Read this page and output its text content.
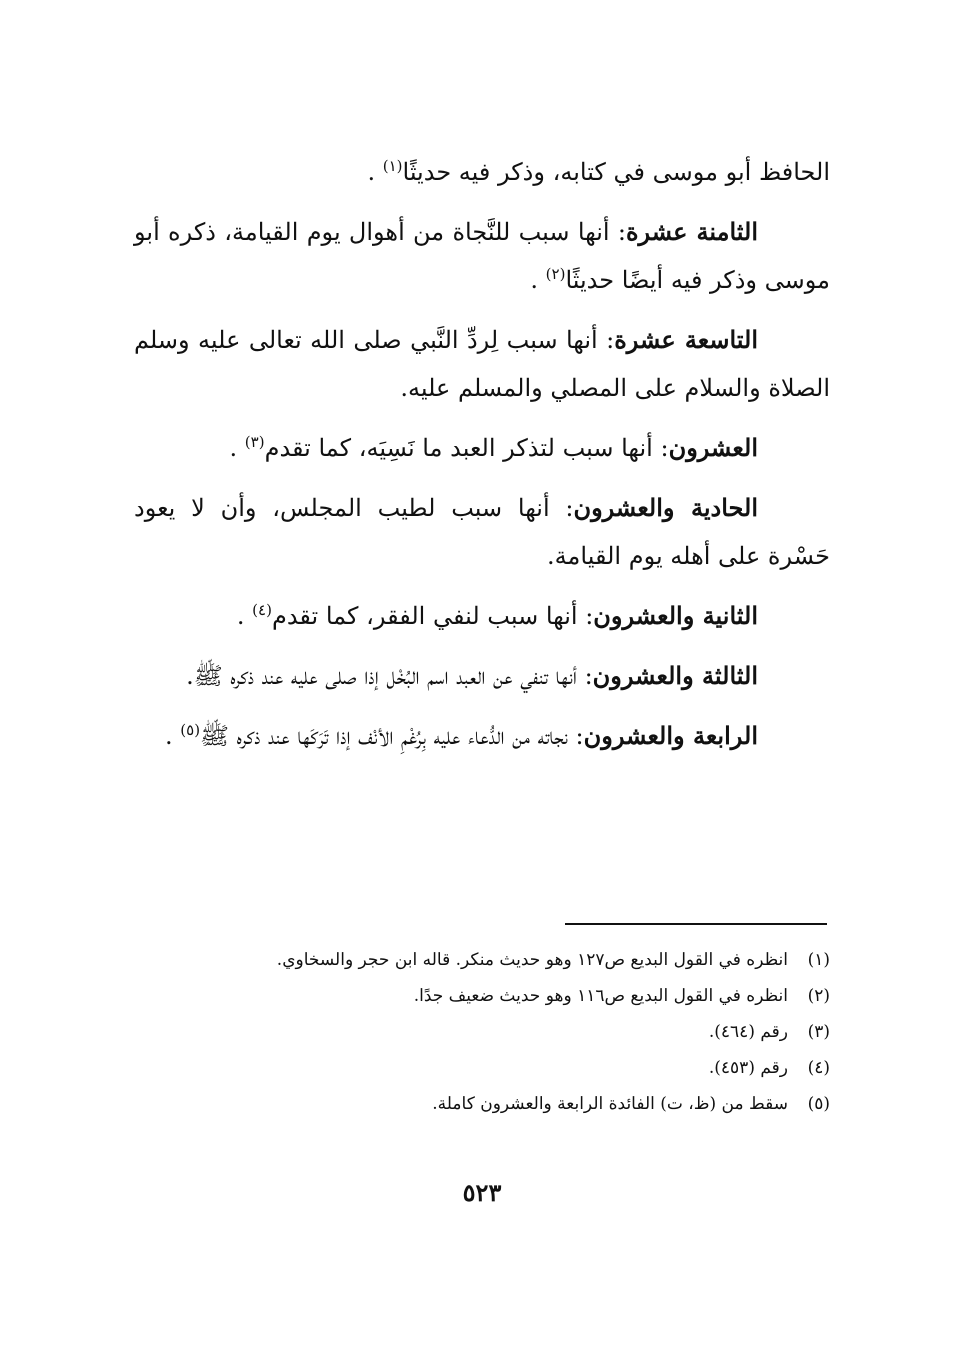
الحافظ أبو موسى في كتابه، وذكر فيه حديثًا$^{(١)}$ .

الثامنة عشرة: أنها سبب للنَّجاة من أهوال يوم القيامة، ذكره أبو موسى وذكر فيه أيضًا حديثًا$^{(٢)}$ .

التاسعة عشرة: أنها سبب لِردِّ النَّبي صلى الله تعالى عليه وسلم الصلاة والسلام على المصلي والمسلم عليه.

العشرون: أنها سبب لتذكر العبد ما نَسِيَه، كما تقدم$^{(٣)}$ .

الحادية والعشرون: أنها سبب لطيب المجلس، وأن لا يعود حَسْرة على أهله يوم القيامة.

الثانية والعشرون: أنها سبب لنفي الفقر، كما تقدم$^{(٤)}$ .

الثالثة والعشرون: أنها تنفي عن العبد اسم البُخْل إذا صلى عليه عند ذكره ﷺ.

الرابعة والعشرون: نجاته من الدُّعاء عليه بِرُغْمِ الأنْف إذا تَرَكَها عند ذكره ﷺ$^{(٥)}$ .

(١)
انظره في القول البديع ص١٢٧ وهو حديث منكر. قاله ابن حجر والسخاوي.
(٢)
انظره في القول البديع ص١١٦ وهو حديث ضعيف جدًا.
(٣)
رقم (٤٦٤).
(٤)
رقم (٤٥٣).
(٥)
سقط من (ظ، ت) الفائدة الرابعة والعشرون كاملة.
٥٢٣
